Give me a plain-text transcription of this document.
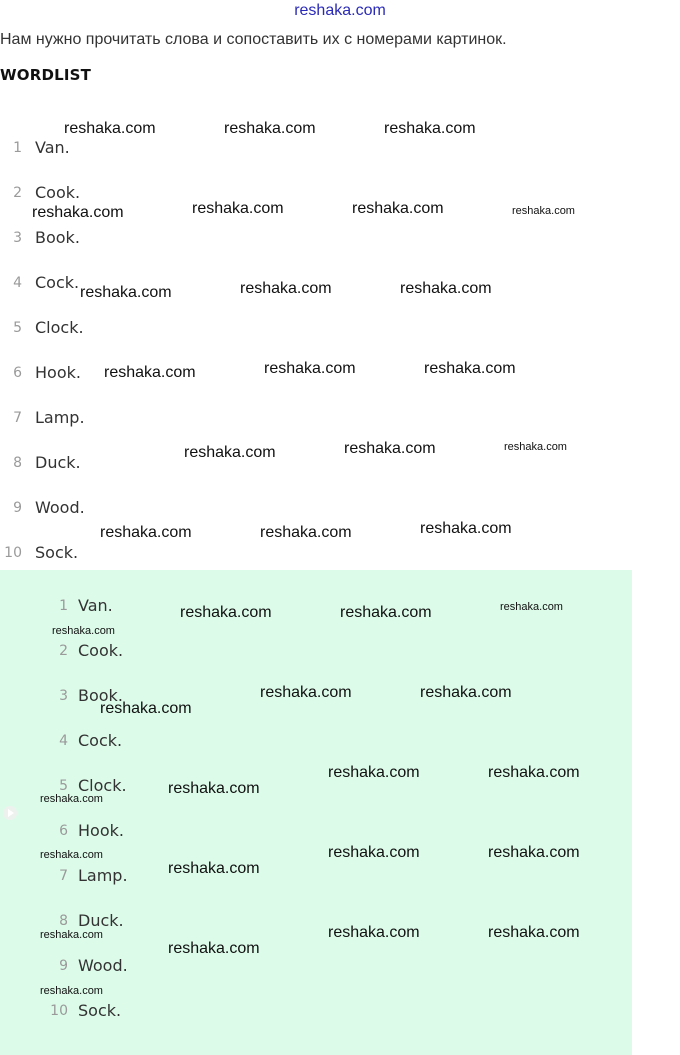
reshaka.com
Нам нужно прочитать слова и сопоставить их с номерами картинок.
WORDLIST
1 Van.
2 Cook.
3 Book.
4 Cock.
5 Clock.
6 Hook.
7 Lamp.
8 Duck.
9 Wood.
10 Sock.
1 Van.
2 Cook.
3 Book.
4 Cock.
5 Clock.
6 Hook.
7 Lamp.
8 Duck.
9 Wood.
10 Sock.
reshaka.com	reshaka.com	reshaka.com
reshaka.com	reshaka.com	reshaka.com	reshaka.com
reshaka.com	reshaka.com	reshaka.com
reshaka.com	reshaka.com	reshaka.com
reshaka.com	reshaka.com	reshaka.com
reshaka.com	reshaka.com	reshaka.com
reshaka.com	reshaka.com	reshaka.com
reshaka.com
reshaka.com	reshaka.com
reshaka.com
reshaka.com	reshaka.com
reshaka.com
reshaka.com
reshaka.com	reshaka.com
reshaka.com
reshaka.com
reshaka.com	reshaka.com
reshaka.com
reshaka.com
reshaka.com
